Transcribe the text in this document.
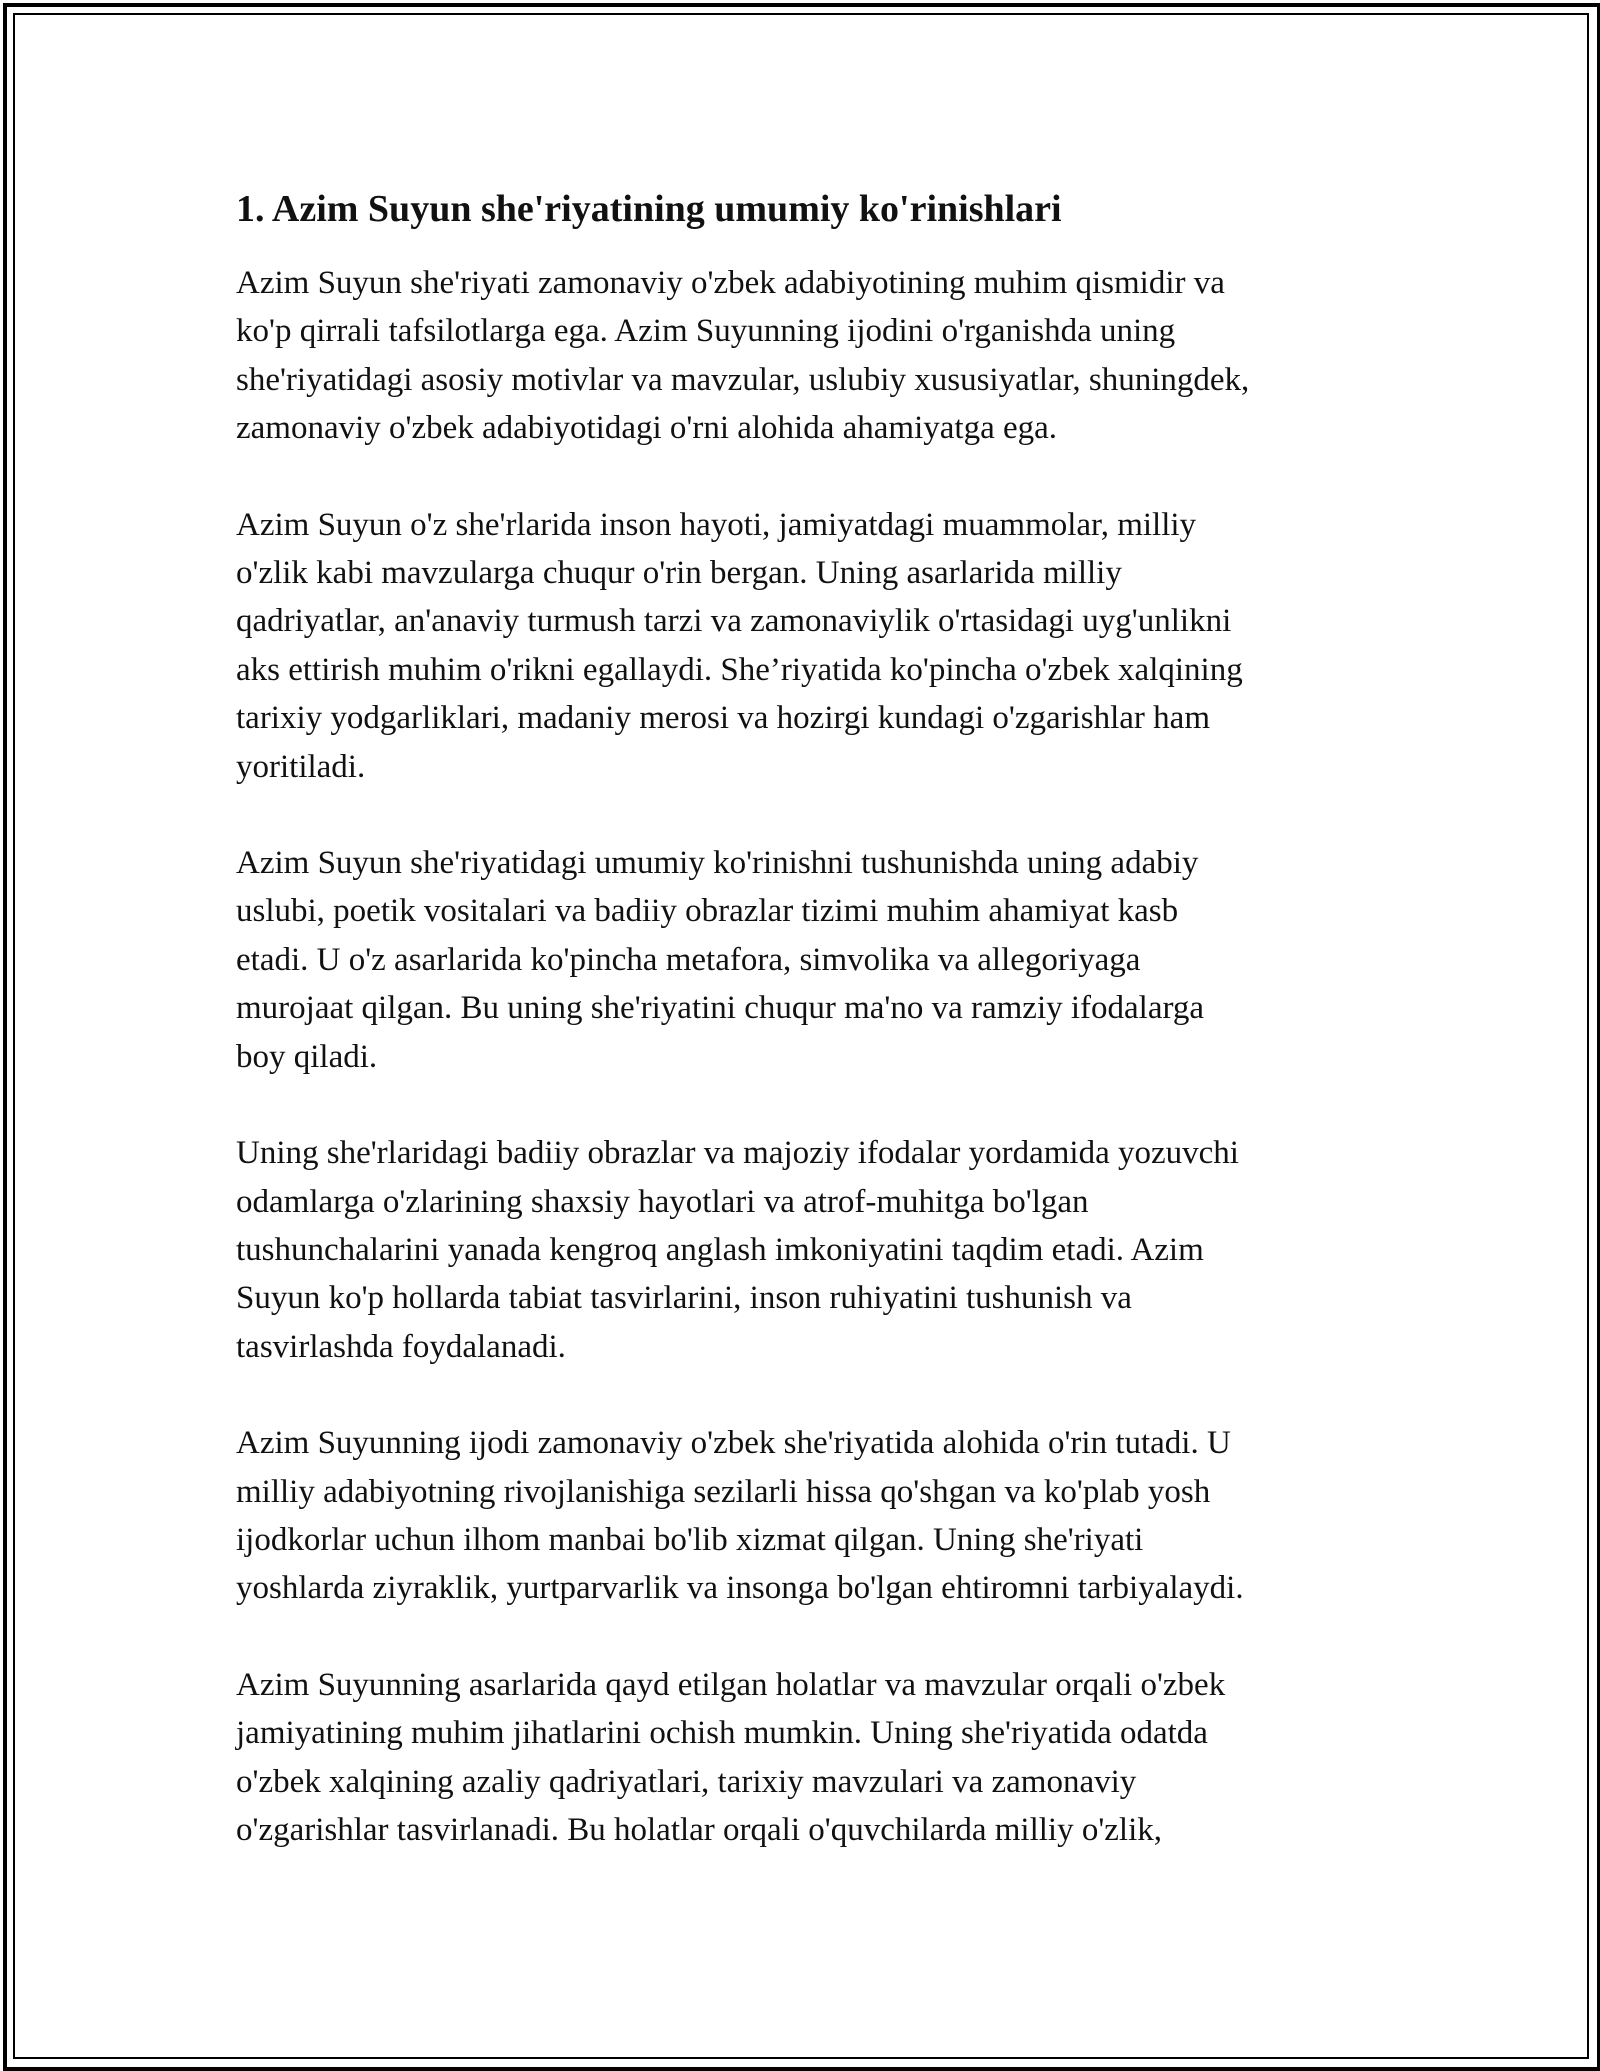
1. Azim Suyun she'riyatining umumiy ko'rinishlari

Azim Suyun she'riyati zamonaviy o'zbek adabiyotining muhim qismidir va
ko'p qirrali tafsilotlarga ega. Azim Suyunning ijodini o'rganishda uning
she'riyatidagi asosiy motivlar va mavzular, uslubiy xususiyatlar, shuningdek,
zamonaviy o'zbek adabiyotidagi o'rni alohida ahamiyatga ega.

Azim Suyun o'z she'rlarida inson hayoti, jamiyatdagi muammolar, milliy
o'zlik kabi mavzularga chuqur o'rin bergan. Uning asarlarida milliy
qadriyatlar, an'anaviy turmush tarzi va zamonaviylik o'rtasidagi uyg'unlikni
aks ettirish muhim o'rikni egallaydi. She’riyatida ko'pincha o'zbek xalqining
tarixiy yodgarliklari, madaniy merosi va hozirgi kundagi o'zgarishlar ham
yoritiladi.

Azim Suyun she'riyatidagi umumiy ko'rinishni tushunishda uning adabiy
uslubi, poetik vositalari va badiiy obrazlar tizimi muhim ahamiyat kasb
etadi. U o'z asarlarida ko'pincha metafora, simvolika va allegoriyaga
murojaat qilgan. Bu uning she'riyatini chuqur ma'no va ramziy ifodalarga
boy qiladi.

Uning she'rlaridagi badiiy obrazlar va majoziy ifodalar yordamida yozuvchi
odamlarga o'zlarining shaxsiy hayotlari va atrof-muhitga bo'lgan
tushunchalarini yanada kengroq anglash imkoniyatini taqdim etadi. Azim
Suyun ko'p hollarda tabiat tasvirlarini, inson ruhiyatini tushunish va
tasvirlashda foydalanadi.

Azim Suyunning ijodi zamonaviy o'zbek she'riyatida alohida o'rin tutadi. U
milliy adabiyotning rivojlanishiga sezilarli hissa qo'shgan va ko'plab yosh
ijodkorlar uchun ilhom manbai bo'lib xizmat qilgan. Uning she'riyati
yoshlarda ziyraklik, yurtparvarlik va insonga bo'lgan ehtiromni tarbiyalaydi.

Azim Suyunning asarlarida qayd etilgan holatlar va mavzular orqali o'zbek
jamiyatining muhim jihatlarini ochish mumkin. Uning she'riyatida odatda
o'zbek xalqining azaliy qadriyatlari, tarixiy mavzulari va zamonaviy
o'zgarishlar tasvirlanadi. Bu holatlar orqali o'quvchilarda milliy o'zlik,
